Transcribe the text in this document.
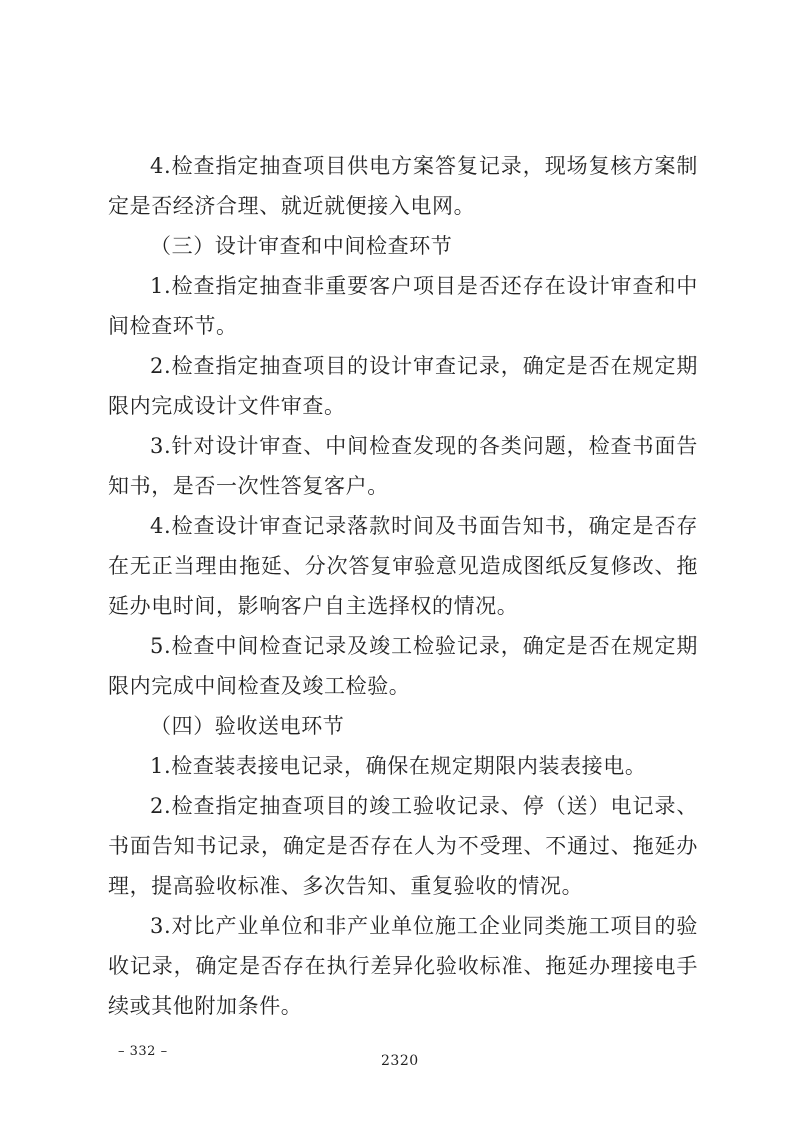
4.检查指定抽查项目供电方案答复记录，现场复核方案制定是否经济合理、就近就便接入电网。

（三）设计审查和中间检查环节

1.检查指定抽查非重要客户项目是否还存在设计审查和中间检查环节。

2.检查指定抽查项目的设计审查记录，确定是否在规定期限内完成设计文件审查。

3.针对设计审查、中间检查发现的各类问题，检查书面告知书，是否一次性答复客户。

4.检查设计审查记录落款时间及书面告知书，确定是否存在无正当理由拖延、分次答复审验意见造成图纸反复修改、拖延办电时间，影响客户自主选择权的情况。

5.检查中间检查记录及竣工检验记录，确定是否在规定期限内完成中间检查及竣工检验。

（四）验收送电环节

1.检查装表接电记录，确保在规定期限内装表接电。

2.检查指定抽查项目的竣工验收记录、停（送）电记录、书面告知书记录，确定是否存在人为不受理、不通过、拖延办理，提高验收标准、多次告知、重复验收的情况。

3.对比产业单位和非产业单位施工企业同类施工项目的验收记录，确定是否存在执行差异化验收标准、拖延办理接电手续或其他附加条件。

– 332 –
2320
